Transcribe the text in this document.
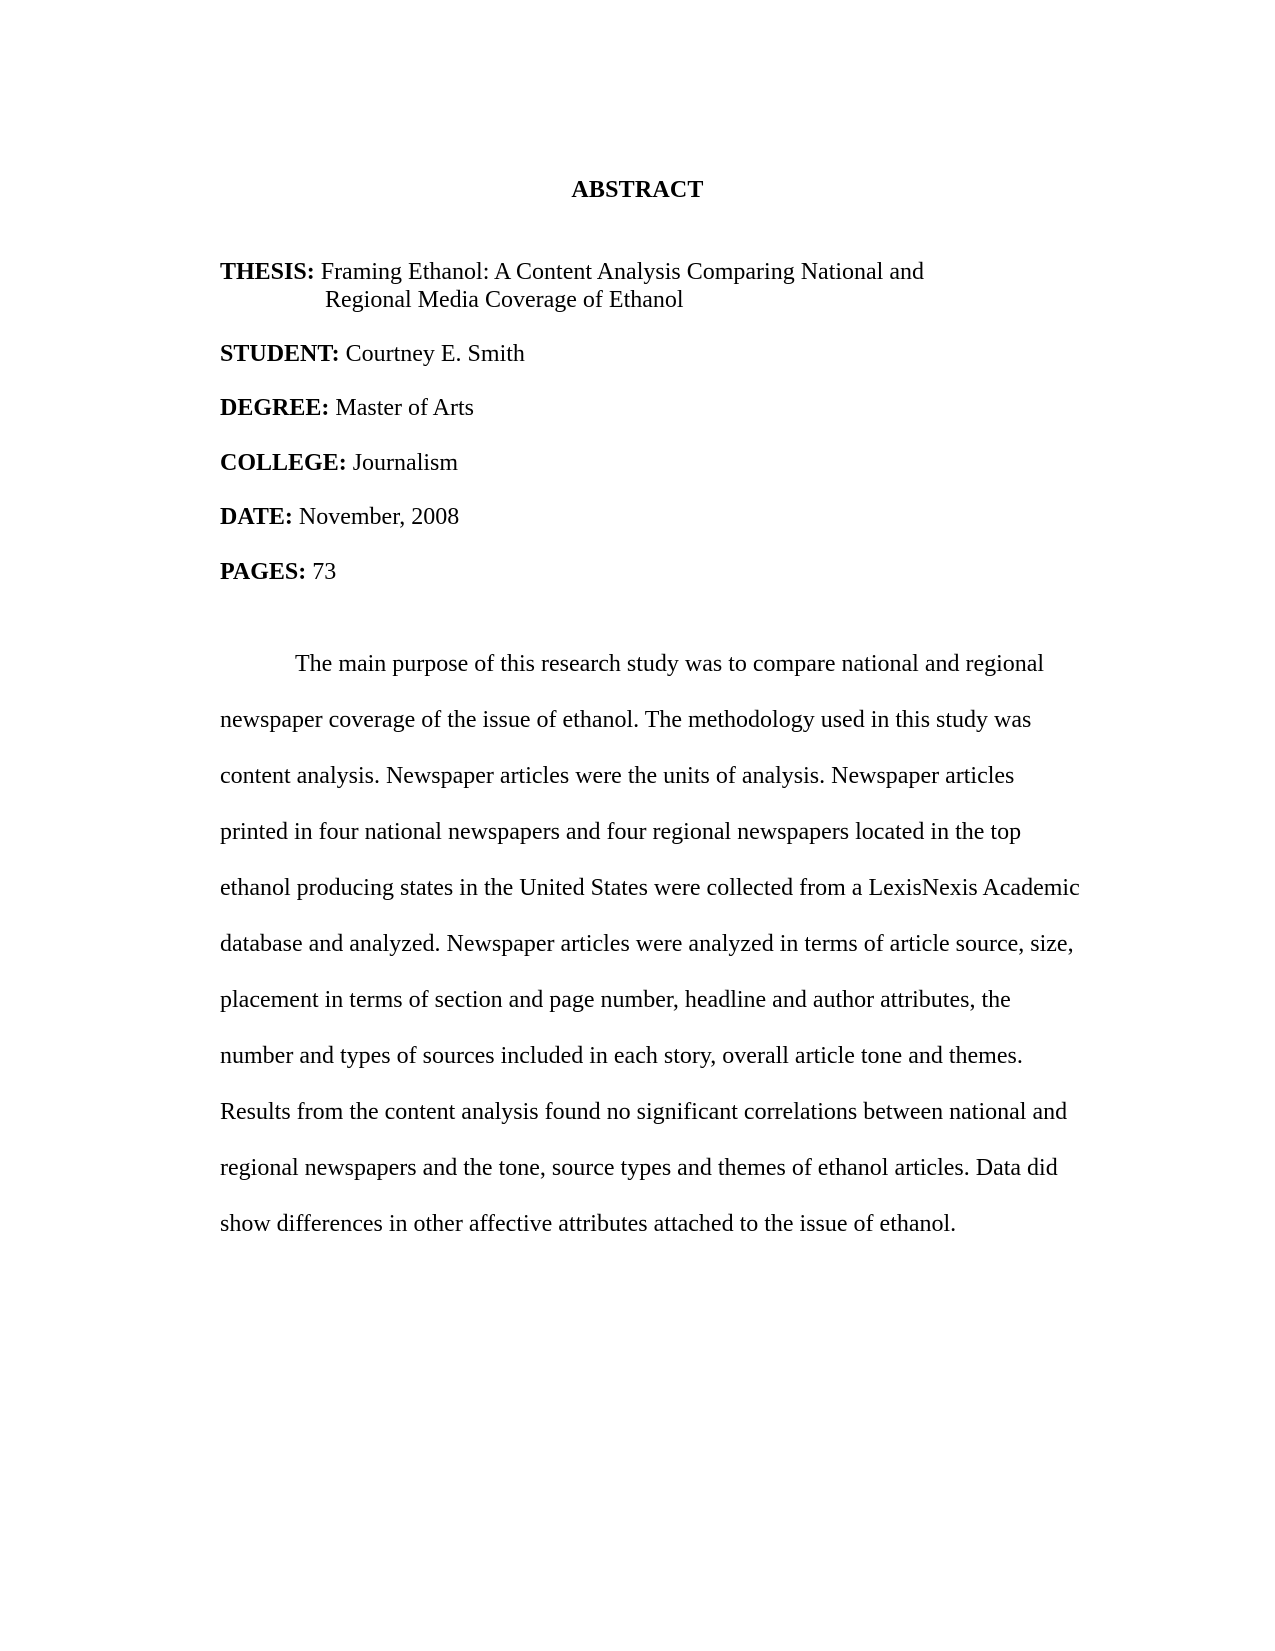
ABSTRACT
THESIS: Framing Ethanol: A Content Analysis Comparing National and
Regional Media Coverage of Ethanol
STUDENT: Courtney E. Smith
DEGREE: Master of Arts
COLLEGE: Journalism
DATE: November, 2008
PAGES: 73
The main purpose of this research study was to compare national and regional
newspaper coverage of the issue of ethanol. The methodology used in this study was
content analysis. Newspaper articles were the units of analysis. Newspaper articles
printed in four national newspapers and four regional newspapers located in the top
ethanol producing states in the United States were collected from a LexisNexis Academic
database and analyzed. Newspaper articles were analyzed in terms of article source, size,
placement in terms of section and page number, headline and author attributes, the
number and types of sources included in each story, overall article tone and themes.
Results from the content analysis found no significant correlations between national and
regional newspapers and the tone, source types and themes of ethanol articles. Data did
show differences in other affective attributes attached to the issue of ethanol.
